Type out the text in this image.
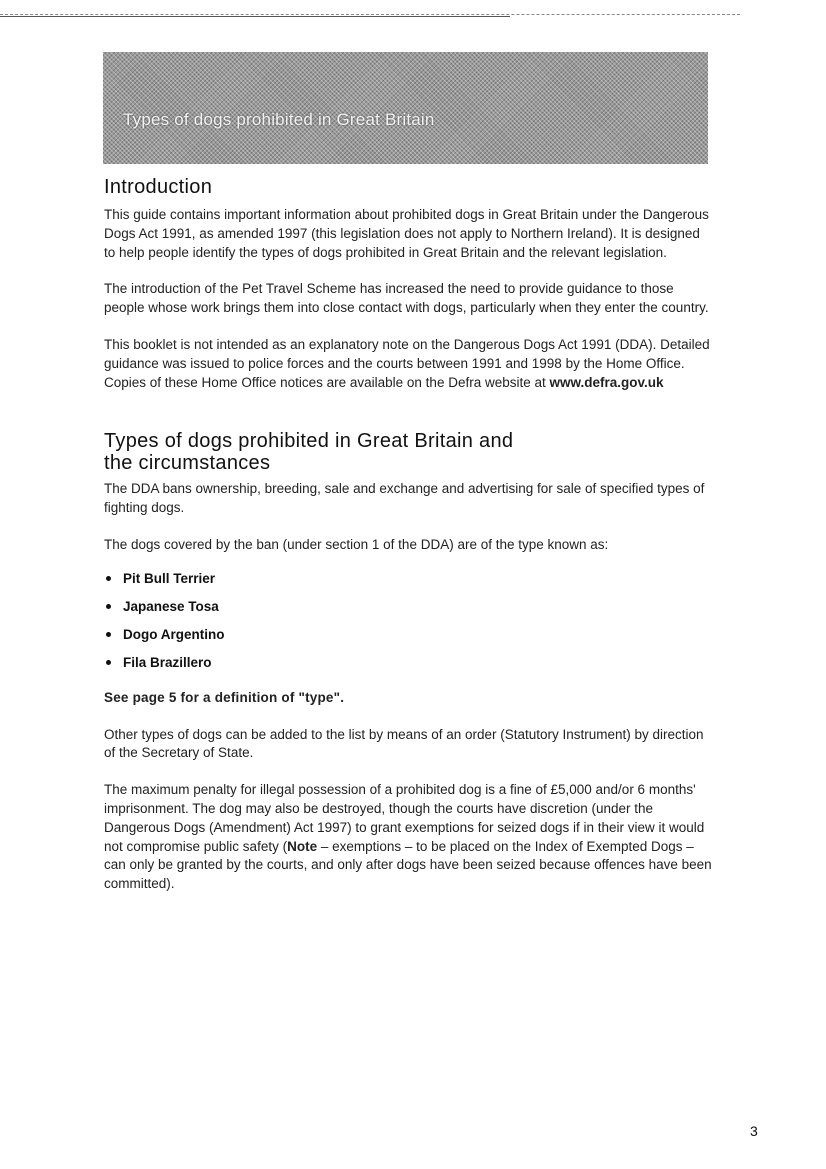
Types of dogs prohibited in Great Britain
Introduction

This guide contains important information about prohibited dogs in Great Britain under the Dangerous Dogs Act 1991, as amended 1997 (this legislation does not apply to Northern Ireland). It is designed to help people identify the types of dogs prohibited in Great Britain and the relevant legislation.

The introduction of the Pet Travel Scheme has increased the need to provide guidance to those people whose work brings them into close contact with dogs, particularly when they enter the country.

This booklet is not intended as an explanatory note on the Dangerous Dogs Act 1991 (DDA). Detailed guidance was issued to police forces and the courts between 1991 and 1998 by the Home Office. Copies of these Home Office notices are available on the Defra website at www.defra.gov.uk

Types of dogs prohibited in Great Britain and
the circumstances

The DDA bans ownership, breeding, sale and exchange and advertising for sale of specified types of fighting dogs.

The dogs covered by the ban (under section 1 of the DDA) are of the type known as:

Pit Bull Terrier
Japanese Tosa
Dogo Argentino
Fila Brazillero

See page 5 for a definition of "type".

Other types of dogs can be added to the list by means of an order (Statutory Instrument) by direction of the Secretary of State.

The maximum penalty for illegal possession of a prohibited dog is a fine of £5,000 and/or 6 months' imprisonment. The dog may also be destroyed, though the courts have discretion (under the Dangerous Dogs (Amendment) Act 1997) to grant exemptions for seized dogs if in their view it would not compromise public safety (Note – exemptions – to be placed on the Index of Exempted Dogs – can only be granted by the courts, and only after dogs have been seized because offences have been committed).

3
